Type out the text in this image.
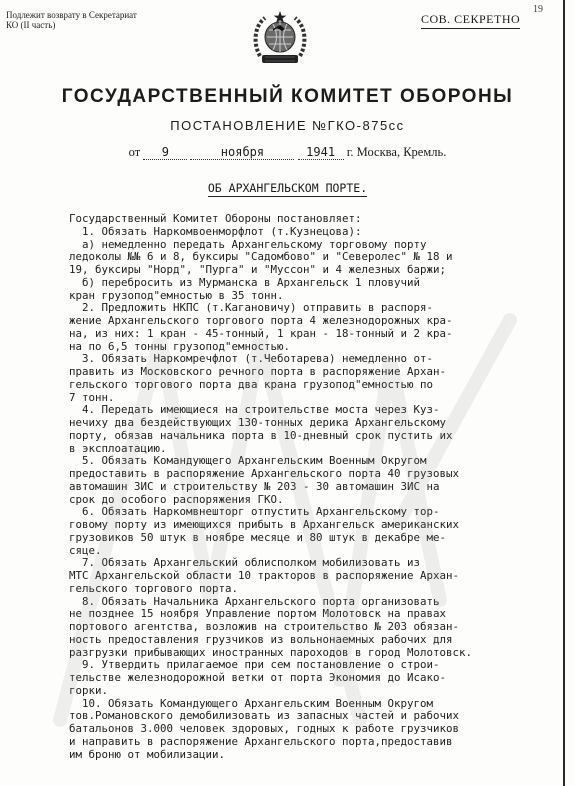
Подлежит возврату в Секретариат
КО (II часть)	СОВ. СЕКРЕТНО
19
ГОСУДАРСТВЕННЫЙ КОМИТЕТ ОБОРОНЫ
ПОСТАНОВЛЕНИЕ №ГКО-875сс
от 9	ноября	1941 г. Москва, Кремль.
ОБ АРХАНГЕЛЬСКОМ ПОРТЕ.
Государственный Комитет Обороны постановляет:
1. Обязать Наркомвоенморфлот (т.Кузнецова):
а) немедленно передать Архангельскому торговому порту
ледоколы №№ 6 и 8, буксиры "Садомбово" и "Северолес" № 18 и
19, буксиры "Норд", "Пурга" и "Муссон" и 4 железных баржи;
б) перебросить из Мурманска в Архангельск 1 пловучий
кран грузопод"емностью в 35 тонн.
2. Предложить НКПС (т.Кагановичу) отправить в распоря-
жение Архангельского торгового порта 4 железнодорожных кра-
на, из них: 1 кран - 45-тонный, 1 кран - 18-тонный и 2 кра-
на по 6,5 тонны грузопод"емностью.
3. Обязать Наркомречфлот (т.Чеботарева) немедленно от-
править из Московского речного порта в распоряжение Архан-
гельского торгового порта два крана грузопод"емностью по
7 тонн.
4. Передать имеющиеся на строительстве моста через Куз-
нечиху два бездействующих 130-тонных дерика Архангельскому
порту, обязав начальника порта в 10-дневный срок пустить их
в эксплоатацию.
5. Обязать Командующего Архангельским Военным Округом
предоставить в распоряжение Архангельского порта 40 грузовых
автомашин ЗИС и строительству № 203 - 30 автомашин ЗИС на
срок до особого распоряжения ГКО.
6. Обязать Наркомвнешторг отпустить Архангельскому тор-
говому порту из имеющихся прибыть в Архангельск американских
грузовиков 50 штук в ноябре месяце и 80 штук в декабре ме-
сяце.
7. Обязать Архангельский облисполком мобилизовать из
МТС Архангельской области 10 тракторов в распоряжение Архан-
гельского торгового порта.
8. Обязать Начальника Архангельского порта организовать
не позднее 15 ноября Управление портом Молотовск на правах
портового агентства, возложив на строительство № 203 обязан-
ность предоставления грузчиков из вольнонаемных рабочих для
разгрузки прибывающих иностранных пароходов в город Молотовск.
9. Утвердить прилагаемое при сем постановление о строи-
тельстве железнодорожной ветки от порта Экономия до Исако-
горки.
10. Обязать Командующего Архангельским Военным Округом
тов.Романовского демобилизовать из запасных частей и рабочих
батальонов 3.000 человек здоровых, годных к работе грузчиков
и направить в распоряжение Архангельского порта,предоставив
им броню от мобилизации.
